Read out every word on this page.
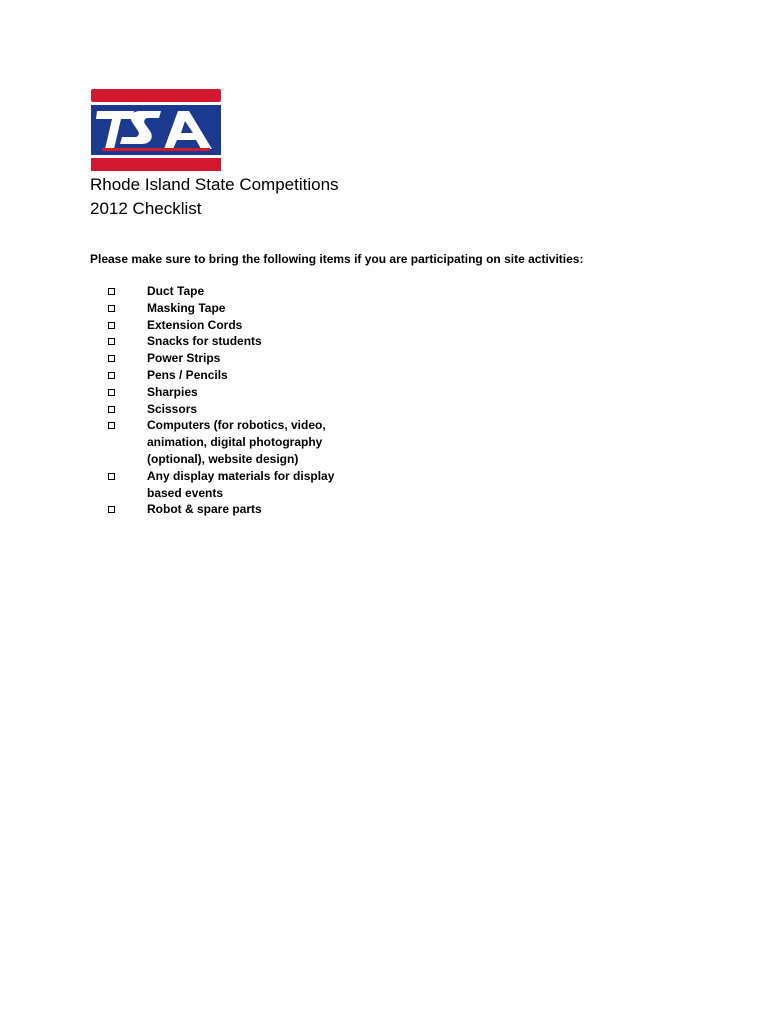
Rhode Island State Competitions
2012 Checklist
Please make sure to bring the following items if you are participating on site activities:
Duct Tape
Masking Tape
Extension Cords
Snacks for students
Power Strips
Pens / Pencils
Sharpies
Scissors
Computers (for robotics, video, animation, digital photography (optional), website design)
Any display materials for display based events
Robot & spare parts
